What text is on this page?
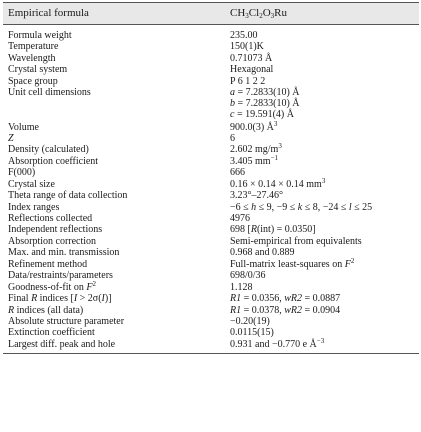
Empirical formula	$CH_3Cl_2O_3Ru$
Formula weight	235.00
Temperature	150(1)K
Wavelength	0.71073 Å
Crystal system	Hexagonal
Space group	P 6 1 2 2
Unit cell dimensions	a = 7.2833(10) Å
b = 7.2833(10) Å
c = 19.591(4) Å
Volume	900.0(3) $Å^3$
Z	6
Density (calculated)	2.602 $mg/m^3$
Absorption coefficient	3.405 $mm^{-1}$
F(000)	666
Crystal size	0.16 × 0.14 × 0.14 $mm^3$
Theta range of data collection	3.23°–27.46°
Index ranges	−6 ≤ h ≤ 9, −9 ≤ k ≤ 8, −24 ≤ l ≤ 25
Reflections collected	4976
Independent reflections	698 [R(int) = 0.0350]
Absorption correction	Semi-empirical from equivalents
Max. and min. transmission	0.968 and 0.889
Refinement method	Full-matrix least-squares on $F^2$
Data/restraints/parameters	698/0/36
Goodness-of-fit on $F^2$	1.128
Final R indices [I > 2σ(I)]	R1 = 0.0356, wR2 = 0.0887
R indices (all data)	R1 = 0.0378, wR2 = 0.0904
Absolute structure parameter	−0.20(19)
Extinction coefficient	0.0115(15)
Largest diff. peak and hole	0.931 and −0.770 e $Å^{-3}$
